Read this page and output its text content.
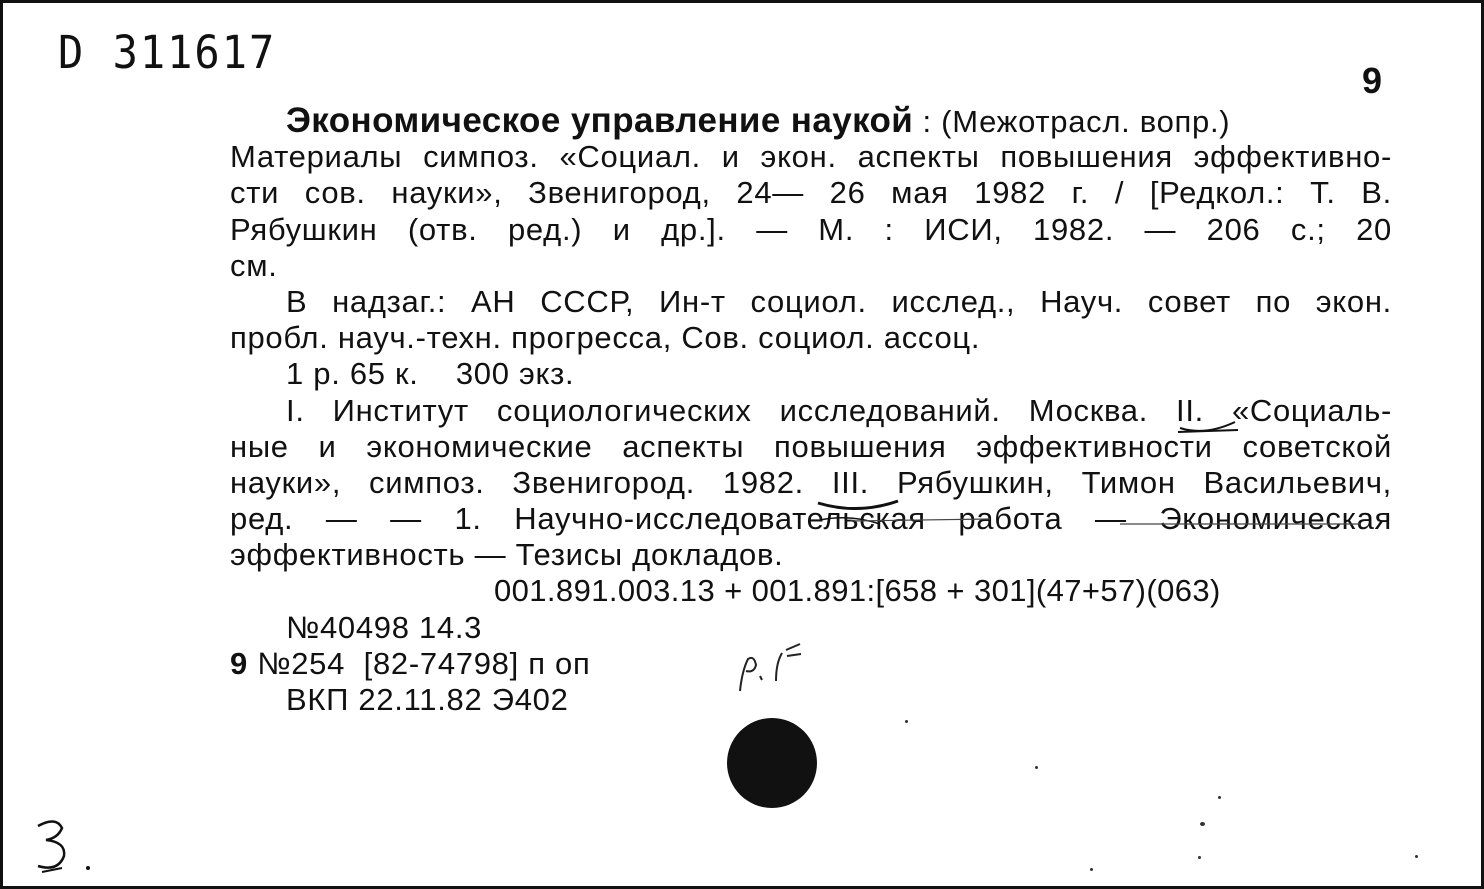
D 311617
9
Экономическое управление наукой : (Межотрасл. вопр.)
Материалы симпоз. «Социал. и экон. аспекты повышения эффективно-
сти сов. науки», Звенигород, 24— 26 мая 1982 г. / [Редкол.: Т. В.
Рябушкин (отв. ред.) и др.]. — М. : ИСИ, 1982. — 206 с.; 20
см.
В надзаг.: АН СССР, Ин-т социол. исслед., Науч. совет по экон.
пробл. науч.-техн. прогресса, Сов. социол. ассоц.
1 р. 65 к.    300 экз.
I. Институт социологических исследований. Москва. II. «Социаль-
ные и экономические аспекты повышения эффективности советской
науки», симпоз. Звенигород. 1982. III. Рябушкин, Тимон Васильевич,
ред. — — 1. Научно-исследовательская работа — Экономическая
эффективность — Тезисы докладов.
001.891.003.13 + 001.891:[658 + 301](47+57)(063)
№40498 14.3
9 №254  [82-74798] п оп
ВКП 22.11.82 Э402
